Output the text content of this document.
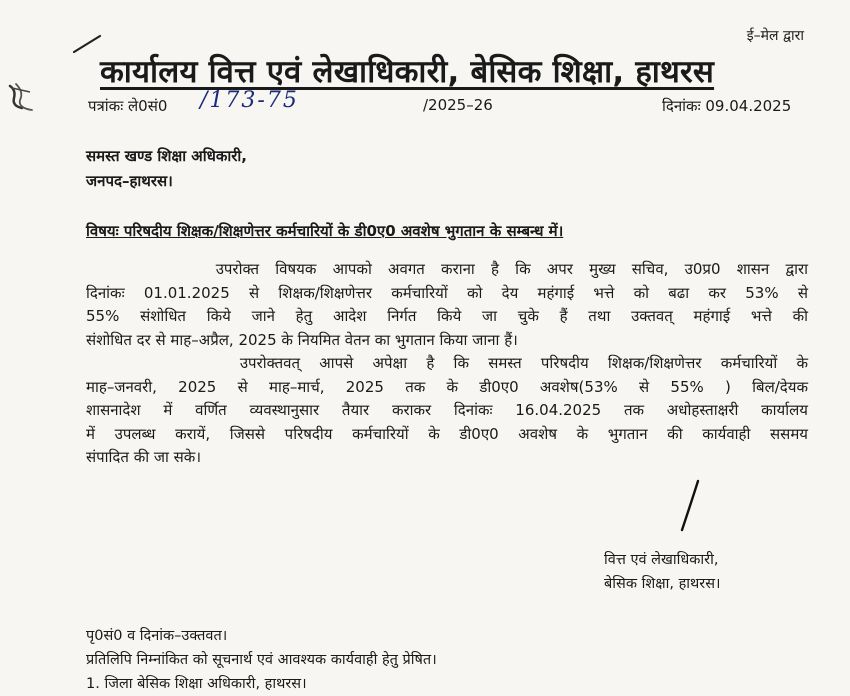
ई–मेल द्वारा
कार्यालय वित्त एवं लेखाधिकारी, बेसिक शिक्षा, हाथरस
पत्रांकः ले0सं0 /173-75	/2025–26	दिनांकः 09.04.2025
समस्त खण्ड शिक्षा अधिकारी,
जनपद–हाथरस।
विषयः परिषदीय शिक्षक/शिक्षणेत्तर कर्मचारियों के डी0ए0 अवशेष भुगतान के सम्बन्ध में।
उपरोक्त विषयक आपको अवगत कराना है कि अपर मुख्य सचिव, उ0प्र0 शासन द्वारा
दिनांकः 01.01.2025 से शिक्षक/शिक्षणेत्तर कर्मचारियों को देय महंगाई भत्ते को बढा कर 53% से
55% संशोधित किये जाने हेतु आदेश निर्गत किये जा चुके हैं तथा उक्तवत् महंगाई भत्ते की
संशोधित दर से माह–अप्रैल, 2025 के नियमित वेतन का भुगतान किया जाना हैं।
उपरोक्तवत् आपसे अपेक्षा है कि समस्त परिषदीय शिक्षक/शिक्षणेत्तर कर्मचारियों के
माह–जनवरी, 2025 से माह–मार्च, 2025 तक के डी0ए0 अवशेष(53% से 55% ) बिल/देयक
शासनादेश में वर्णित व्यवस्थानुसार तैयार कराकर दिनांकः 16.04.2025 तक अधोहस्ताक्षरी कार्यालय
में उपलब्ध करायें, जिससे परिषदीय कर्मचारियों के डी0ए0 अवशेष के भुगतान की कार्यवाही ससमय
संपादित की जा सके।
वित्त एवं लेखाधिकारी,
बेसिक शिक्षा, हाथरस।
पृ0सं0 व दिनांक–उक्तवत।
प्रतिलिपि निम्नांकित को सूचनार्थ एवं आवश्यक कार्यवाही हेतु प्रेषित।
1. जिला बेसिक शिक्षा अधिकारी, हाथरस।
